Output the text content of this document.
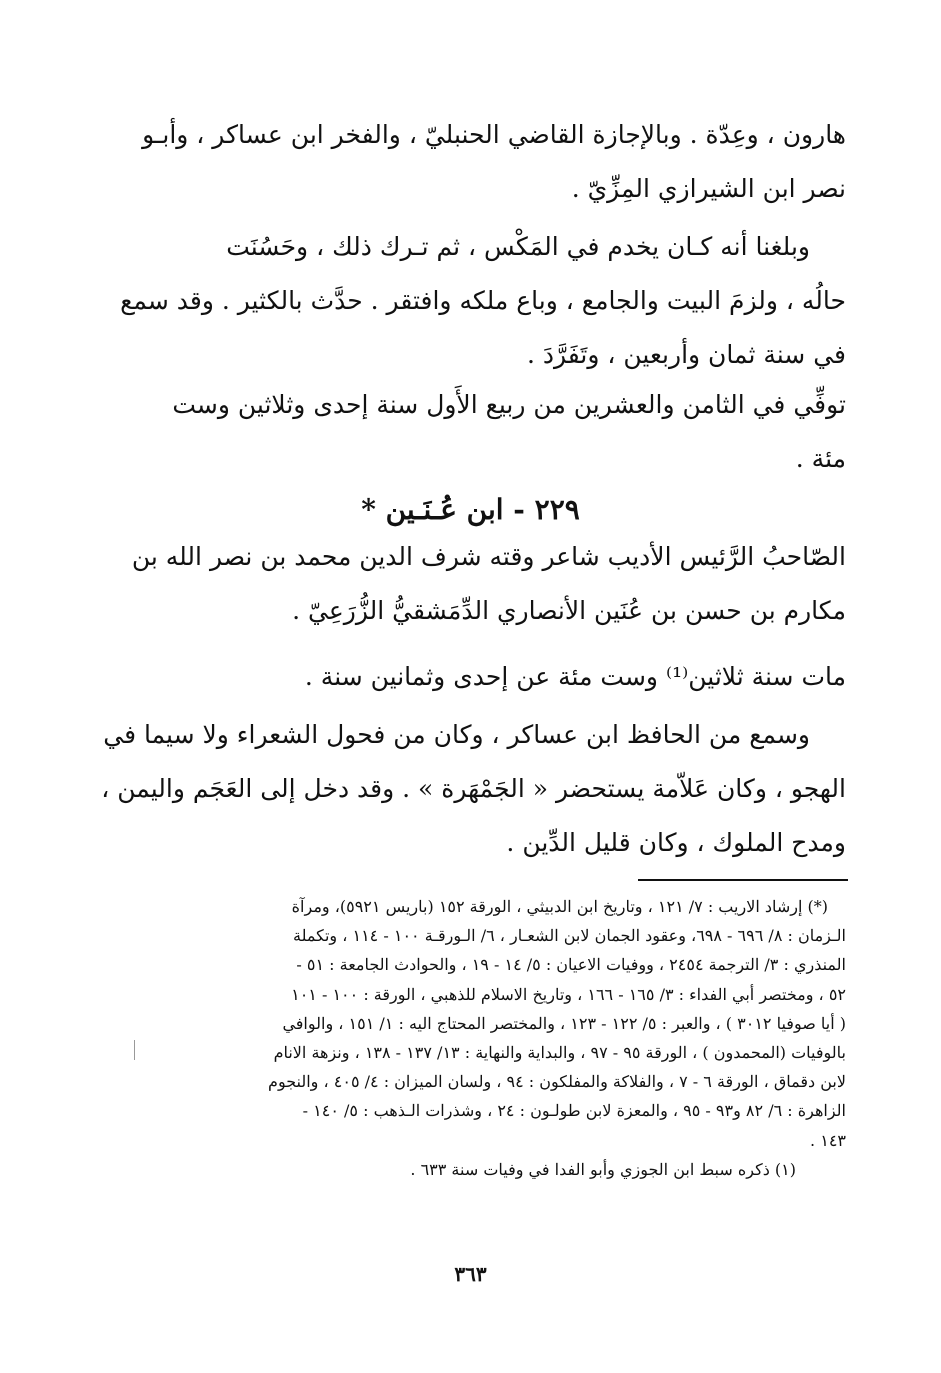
هارون ، وعِدّة . وبالإجازة القاضي الحنبليّ ، والفخر ابن عساكر ، وأبـو
نصر ابن الشيرازي المِزِّيّ .
وبلغنا أنه كـان يخدم في المَكْس ، ثم تـرك ذلك ، وحَسُنَت
حالُه ، ولزمَ البيت والجامع ، وباع ملكه وافتقر . حدَّث بالكثير . وقد سمع
في سنة ثمان وأربعين ، وتَفَرَّدَ .
توفِّي في الثامن والعشرين من ربيع الأَول سنة إحدى وثلاثين وست
مئة .
٢٢٩ - ابن عُـنَـين *
الصّاحبُ الرَّئيس الأديب شاعر وقته شرف الدين محمد بن نصر الله بن
مكارم بن حسن بن عُنَين الأنصاري الدِّمَشقيُّ الزُّرَعِيّ .
مات سنة ثلاثين⁽¹⁾ وست مئة عن إحدى وثمانين سنة .
وسمع من الحافظ ابن عساكر ، وكان من فحول الشعراء ولا سيما في
الهجو ، وكان عَلاّمة يستحضر « الجَمْهَرة » . وقد دخل إلى العَجَم واليمن ،
ومدح الملوك ، وكان قليل الدِّين .
(*) إرشاد الاريب : ٧/ ١٢١ ، وتاريخ ابن الدبيثي ، الورقة ١٥٢ (باريس ٥٩٢١)، ومرآة
الـزمان : ٨/ ٦٩٦ - ٦٩٨، وعقود الجمان لابن الشعـار ، ٦/ الـورقـة ١٠٠ - ١١٤ ، وتكملة
المنذري : ٣/ الترجمة ٢٤٥٤ ، ووفيات الاعيان : ٥/ ١٤ - ١٩ ، والحوادث الجامعة : ٥١ -
٥٢ ، ومختصر أبي الفداء : ٣/ ١٦٥ - ١٦٦ ، وتاريخ الاسلام للذهبي ، الورقة : ١٠٠ - ١٠١
( أيا صوفيا ٣٠١٢ ) ، والعبر : ٥/ ١٢٢ - ١٢٣ ، والمختصر المحتاج اليه : ١/ ١٥١ ، والوافي
بالوفيات (المحمدون ) ، الورقة ٩٥ - ٩٧ ، والبداية والنهاية : ١٣/ ١٣٧ - ١٣٨ ، ونزهة الانام
لابن دقماق ، الورقة ٦ - ٧ ، والفلاكة والمفلكون : ٩٤ ، ولسان الميزان : ٤/ ٤٠٥ ، والنجوم
الزاهرة : ٦/ ٨٢ و٩٣ - ٩٥ ، والمعزة لابن طولـون : ٢٤ ، وشذرات الـذهب : ٥/ ١٤٠ -
١٤٣ .
(١) ذكره سبط ابن الجوزي وأبو الفدا في وفيات سنة ٦٣٣ .
٣٦٣
